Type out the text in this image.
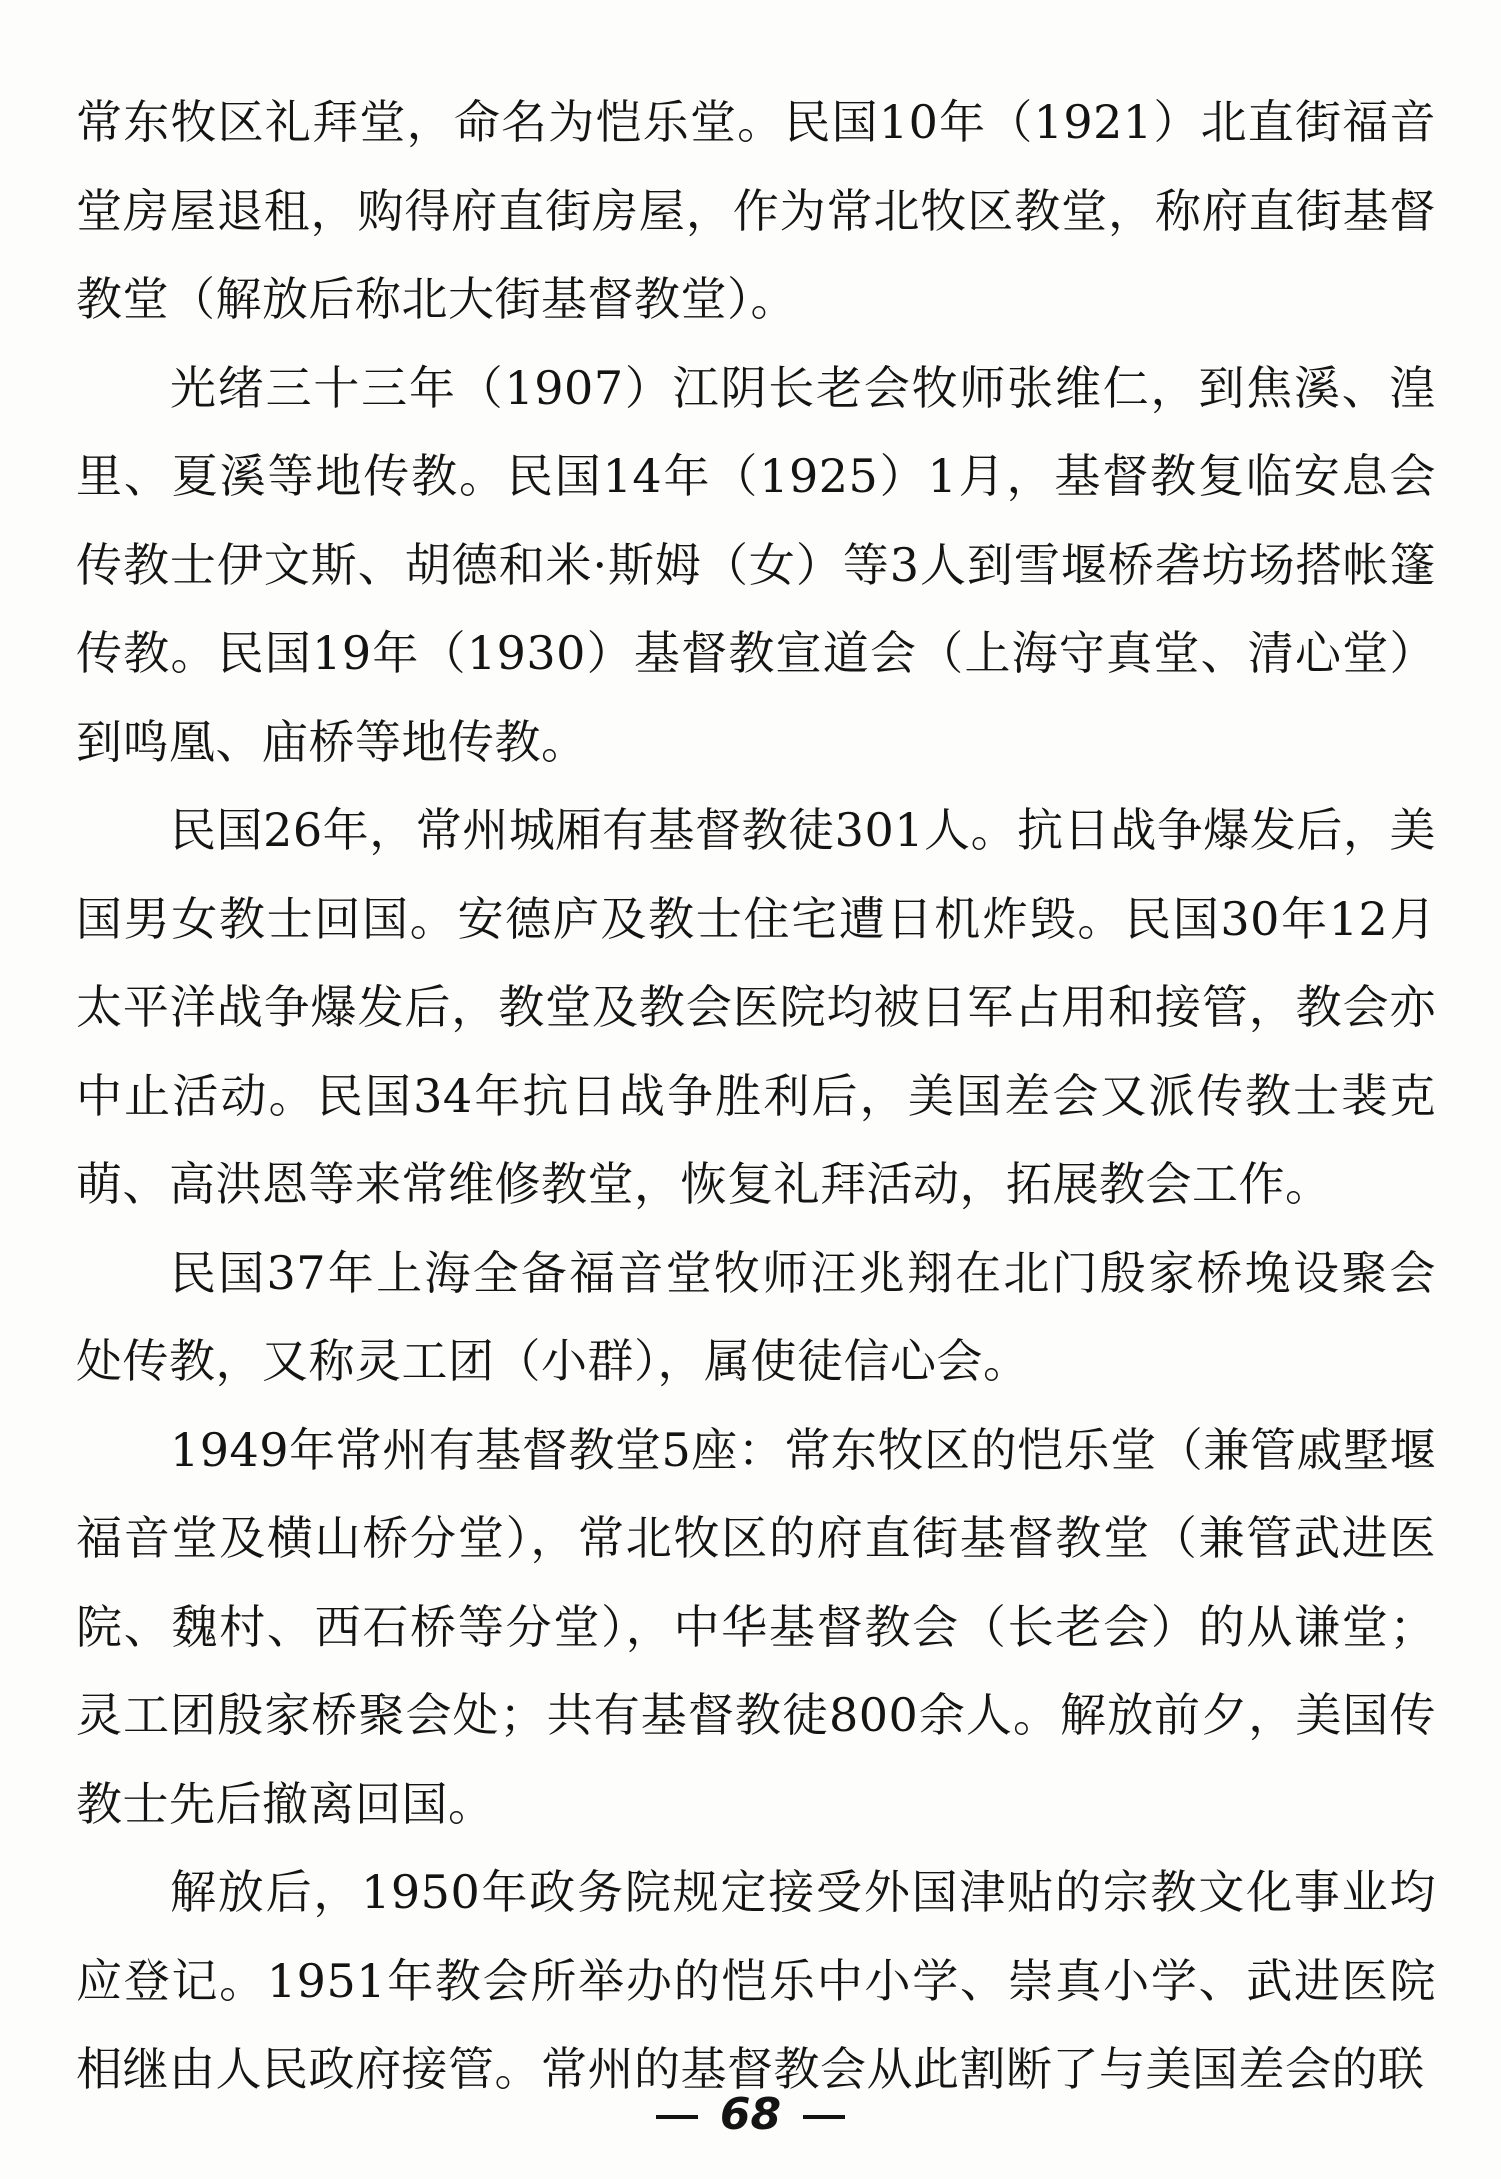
常东牧区礼拜堂，命名为恺乐堂。民国10年（1921）北直街福音堂房屋退租，购得府直街房屋，作为常北牧区教堂，称府直街基督教堂（解放后称北大街基督教堂）。

光绪三十三年（1907）江阴长老会牧师张维仁，到焦溪、湟里、夏溪等地传教。民国14年（1925）1月，基督教复临安息会传教士伊文斯、胡德和米·斯姆（女）等3人到雪堰桥砻坊场搭帐篷传教。民国19年（1930）基督教宣道会（上海守真堂、清心堂）到鸣凰、庙桥等地传教。

民国26年，常州城厢有基督教徒301人。抗日战争爆发后，美国男女教士回国。安德庐及教士住宅遭日机炸毁。民国30年12月太平洋战争爆发后，教堂及教会医院均被日军占用和接管，教会亦中止活动。民国34年抗日战争胜利后，美国差会又派传教士裴克萌、高洪恩等来常维修教堂，恢复礼拜活动，拓展教会工作。

民国37年上海全备福音堂牧师汪兆翔在北门殷家桥堍设聚会处传教，又称灵工团（小群），属使徒信心会。

1949年常州有基督教堂5座：常东牧区的恺乐堂（兼管戚墅堰福音堂及横山桥分堂），常北牧区的府直街基督教堂（兼管武进医院、魏村、西石桥等分堂），中华基督教会（长老会）的从谦堂；灵工团殷家桥聚会处；共有基督教徒800余人。解放前夕，美国传教士先后撤离回国。

解放后，1950年政务院规定接受外国津贴的宗教文化事业均应登记。1951年教会所举办的恺乐中小学、崇真小学、武进医院相继由人民政府接管。常州的基督教会从此割断了与美国差会的联

68
